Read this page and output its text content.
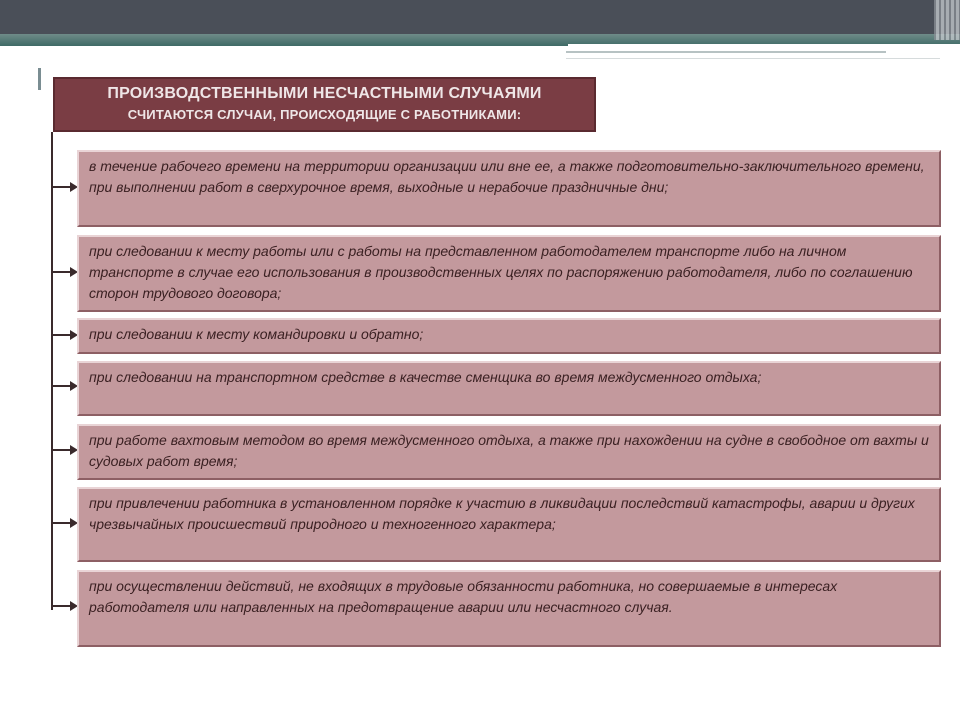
ПРОИЗВОДСТВЕННЫМИ НЕСЧАСТНЫМИ СЛУЧАЯМИ
СЧИТАЮТСЯ СЛУЧАИ, ПРОИСХОДЯЩИЕ С РАБОТНИКАМИ:
в течение рабочего времени на территории организации или вне ее, а также подготовительно-заключительного времени, при выполнении работ в сверхурочное время, выходные и нерабочие праздничные дни;
при следовании к месту работы или с работы на представленном работодателем транспорте либо на личном транспорте в случае его использования в производственных целях по распоряжению работодателя, либо по соглашению сторон трудового договора;
при следовании к месту командировки и обратно;
при следовании на транспортном средстве в качестве сменщика во время междусменного отдыха;
при работе вахтовым методом во время междусменного отдыха, а также при нахождении на судне в свободное от вахты и судовых работ время;
при привлечении работника в установленном порядке к участию в ликвидации последствий катастрофы, аварии и других чрезвычайных происшествий природного и техногенного характера;
при осуществлении действий, не входящих в трудовые обязанности работника, но совершаемые в интересах работодателя или направленных на предотвращение аварии или несчастного случая.
